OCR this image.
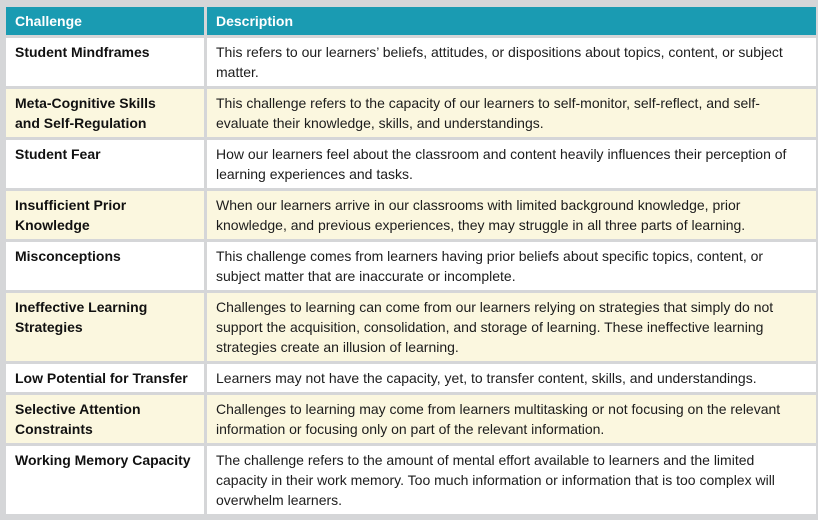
Challenge	Description
Student Mindframes	This refers to our learners’ beliefs, attitudes, or dispositions about topics, content, or subject matter.
Meta-Cognitive Skills
and Self-Regulation	This challenge refers to the capacity of our learners to self-monitor, self-reflect, and self-evaluate their knowledge, skills, and understandings.
Student Fear	How our learners feel about the classroom and content heavily influences their perception of learning experiences and tasks.
Insufficient Prior
Knowledge	When our learners arrive in our classrooms with limited background knowledge, prior knowledge, and previous experiences, they may struggle in all three parts of learning.
Misconceptions	This challenge comes from learners having prior beliefs about specific topics, content, or subject matter that are inaccurate or incomplete.
Ineffective Learning
Strategies	Challenges to learning can come from our learners relying on strategies that simply do not support the acquisition, consolidation, and storage of learning. These ineffective learning strategies create an illusion of learning.
Low Potential for Transfer	Learners may not have the capacity, yet, to transfer content, skills, and understandings.
Selective Attention
Constraints	Challenges to learning may come from learners multitasking or not focusing on the relevant information or focusing only on part of the relevant information.
Working Memory Capacity	The challenge refers to the amount of mental effort available to learners and the limited capacity in their work memory. Too much information or information that is too complex will overwhelm learners.
